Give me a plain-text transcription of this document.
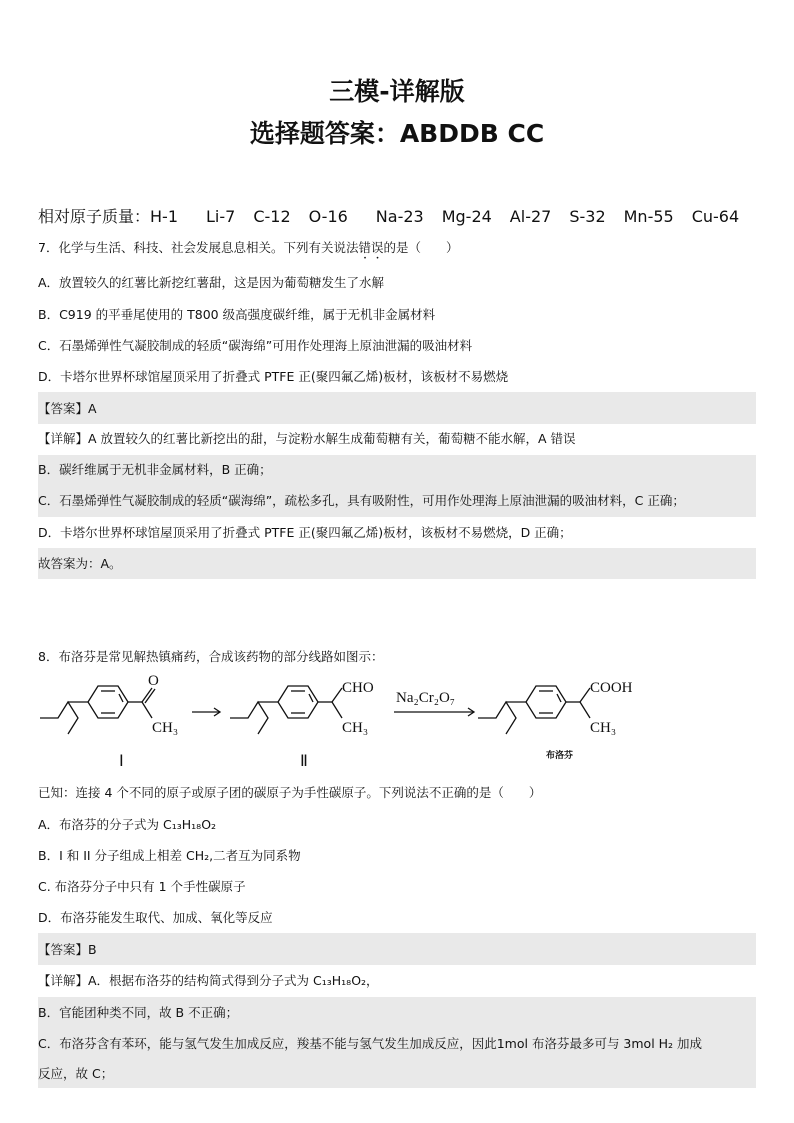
三模-详解版
选择题答案：ABDDB CC
相对原子质量：H-1 Li-7 C-12 O-16 Na-23 Mg-24 Al-27 S-32 Mn-55 Cu-64
7．化学与生活、科技、社会发展息息相关。下列有关说法错误的是（　　）
A．放置较久的红薯比新挖红薯甜，这是因为葡萄糖发生了水解
B．C919 的平垂尾使用的 T800 级高强度碳纤维，属于无机非金属材料
C．石墨烯弹性气凝胶制成的轻质“碳海绵”可用作处理海上原油泄漏的吸油材料
D．卡塔尔世界杯球馆屋顶采用了折叠式 PTFE 正(聚四氟乙烯)板材，该板材不易燃烧
【答案】A
【详解】A 放置较久的红薯比新挖出的甜，与淀粉水解生成葡萄糖有关，葡萄糖不能水解，A 错误
B．碳纤维属于无机非金属材料，B 正确；
C．石墨烯弹性气凝胶制成的轻质“碳海绵”，疏松多孔，具有吸附性，可用作处理海上原油泄漏的吸油材料，C 正确；
D．卡塔尔世界杯球馆屋顶采用了折叠式 PTFE 正(聚四氟乙烯)板材，该板材不易燃烧，D 正确；
故答案为：A。
8．布洛芬是常见解热镇痛药，合成该药物的部分线路如图示：
O
CH₃
Ⅰ
CHO
CH₃
Ⅱ
Na₂Cr₂O₇
COOH
CH₃
布洛芬
已知：连接 4 个不同的原子或原子团的碳原子为手性碳原子。下列说法不正确的是（　　）
A．布洛芬的分子式为 C₁₃H₁₈O₂
B．I 和 II 分子组成上相差 CH₂,二者互为同系物
C. 布洛芬分子中只有 1 个手性碳原子
D．布洛芬能发生取代、加成、氧化等反应
【答案】B
【详解】A．根据布洛芬的结构简式得到分子式为 C₁₃H₁₈O₂，
B．官能团种类不同，故 B 不正确；
C．布洛芬含有苯环，能与氢气发生加成反应，羧基不能与氢气发生加成反应，因此1mol 布洛芬最多可与 3mol H₂ 加成
反应，故 C；
